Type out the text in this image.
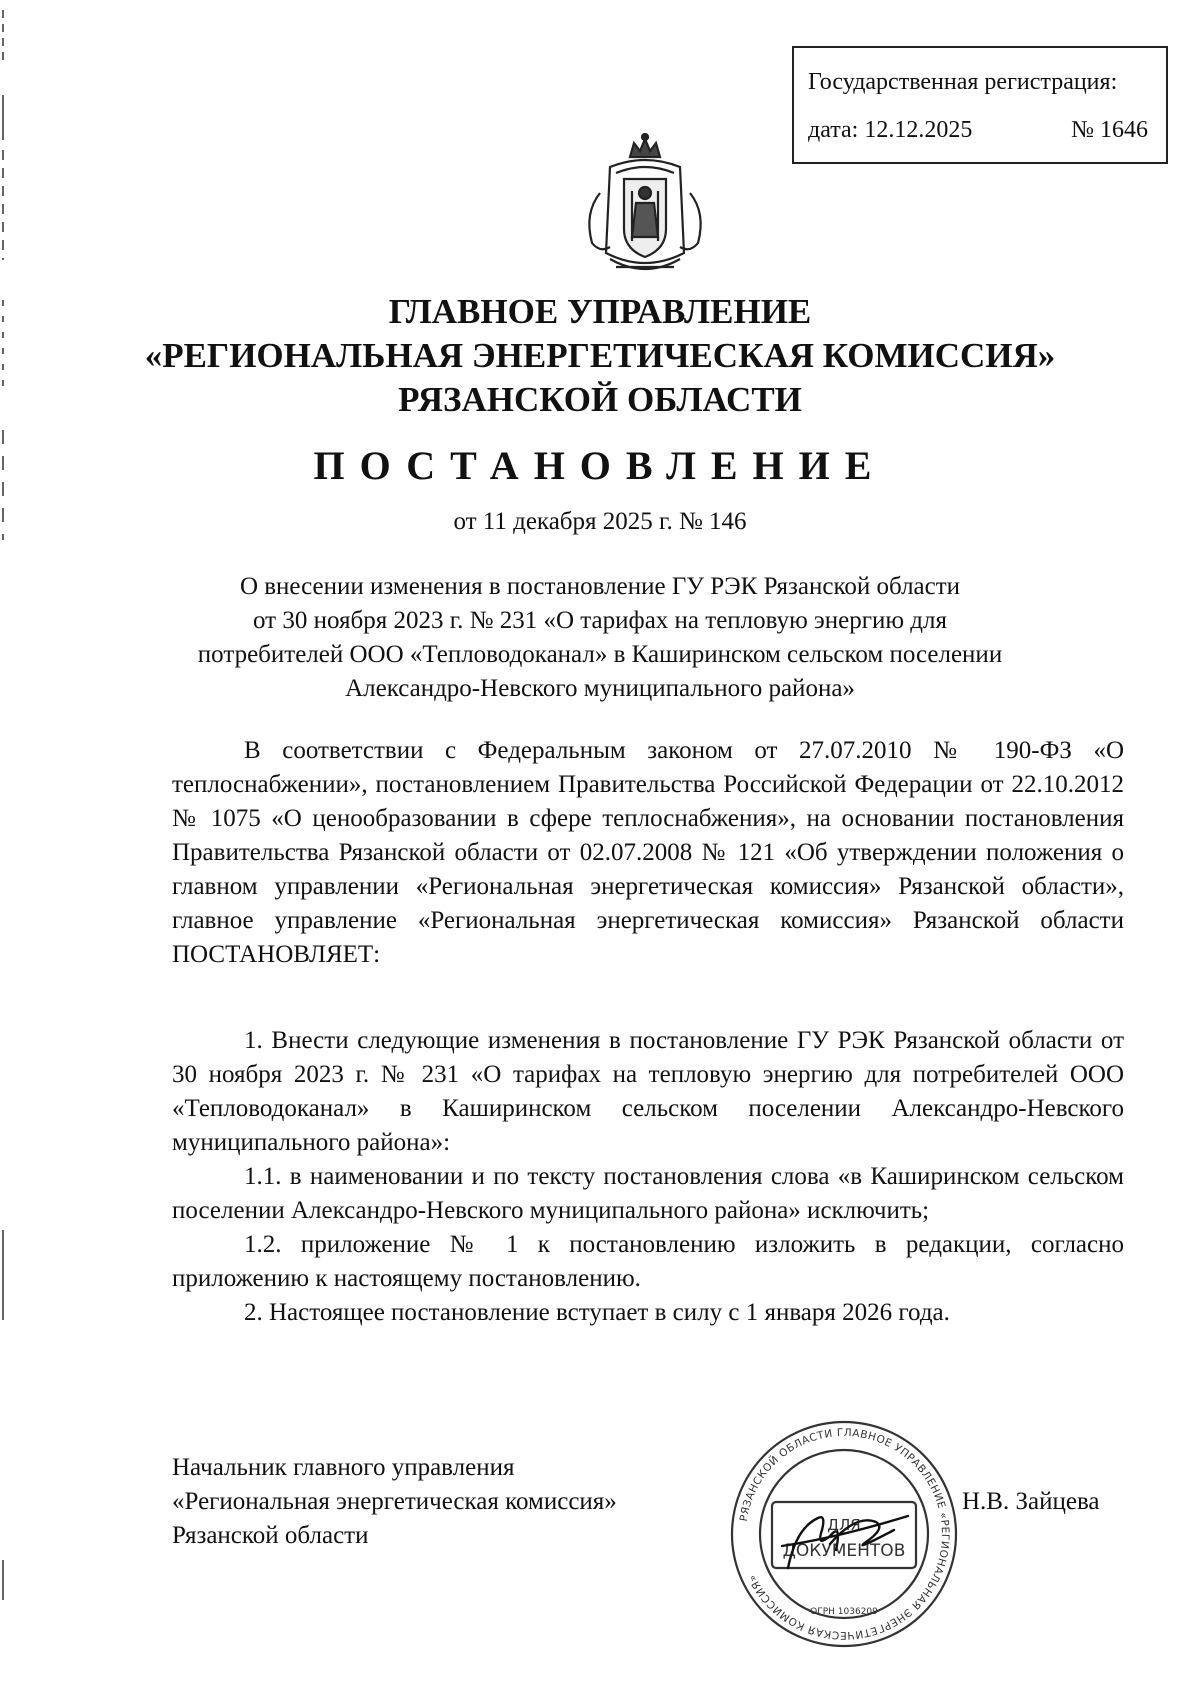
Государственная регистрация:
дата: 12.12.2025	№ 1646
ГЛАВНОЕ УПРАВЛЕНИЕ
«РЕГИОНАЛЬНАЯ ЭНЕРГЕТИЧЕСКАЯ КОМИССИЯ»
РЯЗАНСКОЙ ОБЛАСТИ
ПОСТАНОВЛЕНИЕ
от 11 декабря 2025 г. № 146
О внесении изменения в постановление ГУ РЭК Рязанской области
от 30 ноября 2023 г. № 231 «О тарифах на тепловую энергию для
потребителей ООО «Тепловодоканал» в Каширинском сельском поселении
Александро-Невского муниципального района»

В соответствии с Федеральным законом от 27.07.2010 № 190-ФЗ «О теплоснабжении», постановлением Правительства Российской Федерации от 22.10.2012 № 1075 «О ценообразовании в сфере теплоснабжения», на основании постановления Правительства Рязанской области от 02.07.2008 № 121 «Об утверждении положения о главном управлении «Региональная энергетическая комиссия» Рязанской области», главное управление «Региональная энергетическая комиссия» Рязанской области ПОСТАНОВЛЯЕТ:

1. Внести следующие изменения в постановление ГУ РЭК Рязанской области от 30 ноября 2023 г. № 231 «О тарифах на тепловую энергию для потребителей ООО «Тепловодоканал» в Каширинском сельском поселении Александро-Невского муниципального района»:

1.1. в наименовании и по тексту постановления слова «в Каширинском сельском поселении Александро-Невского муниципального района» исключить;

1.2. приложение № 1 к постановлению изложить в редакции, согласно приложению к настоящему постановлению.

2. Настоящее постановление вступает в силу с 1 января 2026 года.

Начальник главного управления
«Региональная энергетическая комиссия»
Рязанской области
Н.В. Зайцева
РЯЗАНСКОЙ ОБЛАСТИ ГЛАВНОЕ УПРАВЛЕНИЕ «РЕГИОНАЛЬНАЯ ЭНЕРГЕТИЧЕСКАЯ КОМИССИЯ»
ДЛЯ
ДОКУМЕНТОВ
ОГРН 1036209
